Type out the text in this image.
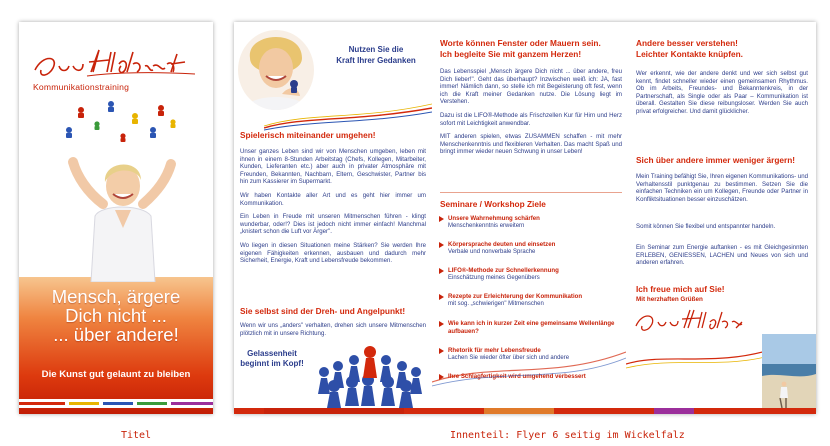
Kommunikationstraining
Mensch, ärgere
Dich nicht ...
... über andere!
Die Kunst gut gelaunt zu bleiben
Nutzen Sie die
Kraft Ihrer Gedanken

Spielerisch miteinander umgehen!

Unser ganzes Leben sind wir von Menschen umgeben, leben mit ihnen in einem 8-Stunden Arbeitstag (Chefs, Kollegen, Mitarbeiter, Kunden, Lieferanten etc.) aber auch in privater Atmosphäre mit Freunden, Bekannten, Nachbarn, Eltern, Geschwister, Partner bis hin zum Kassierer im Supermarkt.

Wir haben Kontakte aller Art und es geht hier immer um Kommunikation.

Ein Leben in Freude mit unseren Mitmenschen führen - klingt wunderbar, oder!? Dies ist jedoch nicht immer einfach! Manchmal „knistert schon die Luft vor Ärger".

Wo liegen in diesen Situationen meine Stärken? Sie werden Ihre eigenen Fähigkeiten erkennen, ausbauen und dadurch mehr Sicherheit, Energie, Kraft und Lebensfreude bekommen.

Sie selbst sind der Dreh- und Angelpunkt!

Wenn wir uns „anders" verhalten, drehen sich unsere Mitmenschen plötzlich mit in unsere Richtung.

Gelassenheit
beginnt im Kopf!

Worte können Fenster oder Mauern sein.

Ich begleite Sie mit ganzem Herzen!

Das Lebensspiel „Mensch ärgere Dich nicht ... über andere, freu Dich lieber!". Geht das überhaupt? Inzwischen weiß ich: JA, fast immer! Nämlich dann, so stelle ich mit Begeisterung oft fest, wenn ich die Kraft meiner Gedanken nutze. Die Lösung liegt im Verstehen.

Dazu ist die LIFO®-Methode als Frischzellen Kur für Hirn und Herz sofort mit Leichtigkeit anwendbar.

MIT anderen spielen, etwas ZUSAMMEN schaffen - mit mehr Menschenkenntnis und flexibleren Verhalten. Das macht Spaß und bringt immer wieder neuen Schwung in unser Leben!

Seminare / Workshop Ziele

Unsere Wahrnehmung schärfen
Menschenkenntnis erweitern
Körpersprache deuten und einsetzen
Verbale und nonverbale Sprache
LIFO®-Methode zur Schnellerkennung
Einschätzung meines Gegenübers
Rezepte zur Erleichterung der Kommunikation
mit sog. „schwierigen" Mitmenschen
Wie kann ich in kurzer Zeit eine gemeinsame Wellenlänge aufbauen?
Rhetorik für mehr Lebensfreude
Lachen Sie wieder öfter über sich und andere
Ihre Schlagfertigkeit wird umgehend verbessert

Andere besser verstehen!

Leichter Kontakte knüpfen.

Wer erkennt, wie der andere denkt und wer sich selbst gut kennt, findet schneller wieder einen gemeinsamen Rhythmus. Ob im Arbeits, Freundes- und Bekanntenkreis, in der Partnerschaft, als Single oder als Paar – Kommunikation ist überall. Gestalten Sie diese reibungsloser. Werden Sie auch privat erfolgreicher. Und damit glücklicher.

Sich über andere immer weniger ärgern!

Mein Training befähigt Sie, Ihren eigenen Kommunikations- und Verhaltensstil punktgenau zu bestimmen. Setzen Sie die einfachen Techniken ein um Kollegen, Freunde oder Partner in Konfliktsituationen besser einzuschätzen.

Somit können Sie flexibel und entspannter handeln.

Ein Seminar zum Energie auftanken - es mit Gleichgesinnten ERLEBEN, GENIESSEN, LACHEN und Neues von sich und anderen erfahren.

Ich freue mich auf Sie!

Mit herzhaften Grüßen

Titel	Innenteil: Flyer 6 seitig im Wickelfalz
